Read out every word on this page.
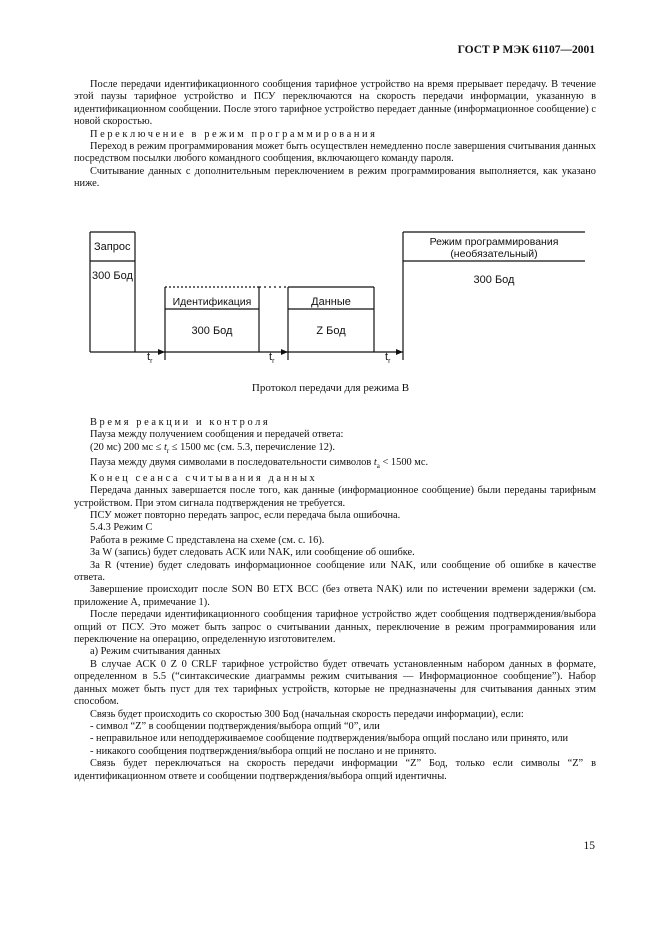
ГОСТ Р МЭК 61107—2001

После передачи идентификационного сообщения тарифное устройство на время прерывает передачу. В течение этой паузы тарифное устройство и ПСУ переключаются на скорость передачи информации, указанную в идентификационном сообщении. После этого тарифное устройство передает данные (информационное сообщение) с новой скоростью.

Переключение в режим программирования

Переход в режим программирования может быть осуществлен немедленно после завершения считывания данных посредством посылки любого командного сообщения, включающего команду пароля.

Считывание данных с дополнительным переключением в режим программирования выполняется, как указано ниже.

Запрос
300 Бод
Идентификация
300 Бод
Данные
Z Бод
Режим программирования
(необязательный)
300 Бод
$t_r$	$t_r$	$t_r$
Протокол передачи для режима В

Время реакции и контроля

Пауза между получением сообщения и передачей ответа:

(20 мс) 200 мс ≤ $t_r \le 1500$ мс (см. 5.3, перечисление 12).

Пауза между двумя символами в последовательности символов $t_a < 1500$ мс.

Конец сеанса считывания данных

Передача данных завершается после того, как данные (информационное сообщение) были переданы тарифным устройством. При этом сигнала подтверждения не требуется.

ПСУ может повторно передать запрос, если передача была ошибочна.

5.4.3 Режим С

Работа в режиме С представлена на схеме (см. с. 16).

За W (запись) будет следовать АСК или NAK, или сообщение об ошибке.

За R (чтение) будет следовать информационное сообщение или NAK, или сообщение об ошибке в качестве ответа.

Завершение происходит после SON В0 ЕТХ ВСС (без ответа NAK) или по истечении времени задержки (см. приложение А, примечание 1).

После передачи идентификационного сообщения тарифное устройство ждет сообщения подтверждения/выбора опций от ПСУ. Это может быть запрос о считывании данных, переключение в режим программирования или переключение на операцию, определенную изготовителем.

а) Режим считывания данных

В случае АСК 0 Z 0 CRLF тарифное устройство будет отвечать установленным набором данных в формате, определенном в 5.5 (“синтаксические диаграммы режим считывания — Информационное сообщение”). Набор данных может быть пуст для тех тарифных устройств, которые не предназначены для считывания данных этим способом.

Связь будет происходить со скоростью 300 Бод (начальная скорость передачи информации), если:

- символ “Z” в сообщении подтверждения/выбора опций “0”, или

- неправильное или неподдерживаемое сообщение подтверждения/выбора опций послано или принято, или

- никакого сообщения подтверждения/выбора опций не послано и не принято.

Связь будет переключаться на скорость передачи информации “Z” Бод, только если символы “Z” в идентификационном ответе и сообщении подтверждения/выбора опций идентичны.

15
